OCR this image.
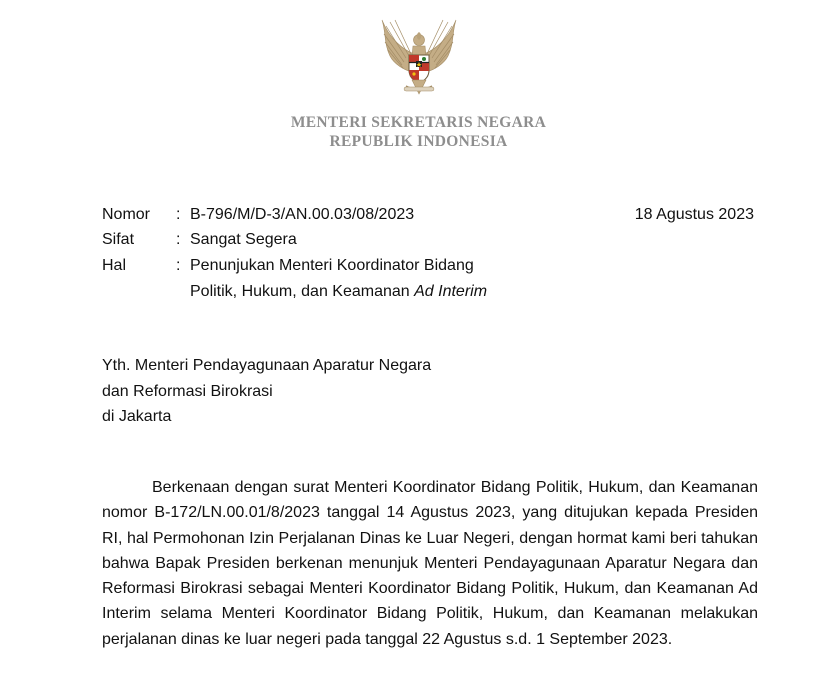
MENTERI SEKRETARIS NEGARA
REPUBLIK INDONESIA
Nomor : B-796/M/D-3/AN.00.03/08/2023	18 Agustus 2023
Sifat	: Sangat Segera
Hal	: Penunjukan Menteri Koordinator Bidang
Politik, Hukum, dan Keamanan Ad Interim
Yth. Menteri Pendayagunaan Aparatur Negara
dan Reformasi Birokrasi
di Jakarta

Berkenaan dengan surat Menteri Koordinator Bidang Politik, Hukum, dan Keamanan nomor B-172/LN.00.01/8/2023 tanggal 14 Agustus 2023, yang ditujukan kepada Presiden RI, hal Permohonan Izin Perjalanan Dinas ke Luar Negeri, dengan hormat kami beri tahukan bahwa Bapak Presiden berkenan menunjuk Menteri Pendayagunaan Aparatur Negara dan Reformasi Birokrasi sebagai Menteri Koordinator Bidang Politik, Hukum, dan Keamanan Ad Interim selama Menteri Koordinator Bidang Politik, Hukum, dan Keamanan melakukan perjalanan dinas ke luar negeri pada tanggal 22 Agustus s.d. 1 September 2023.
